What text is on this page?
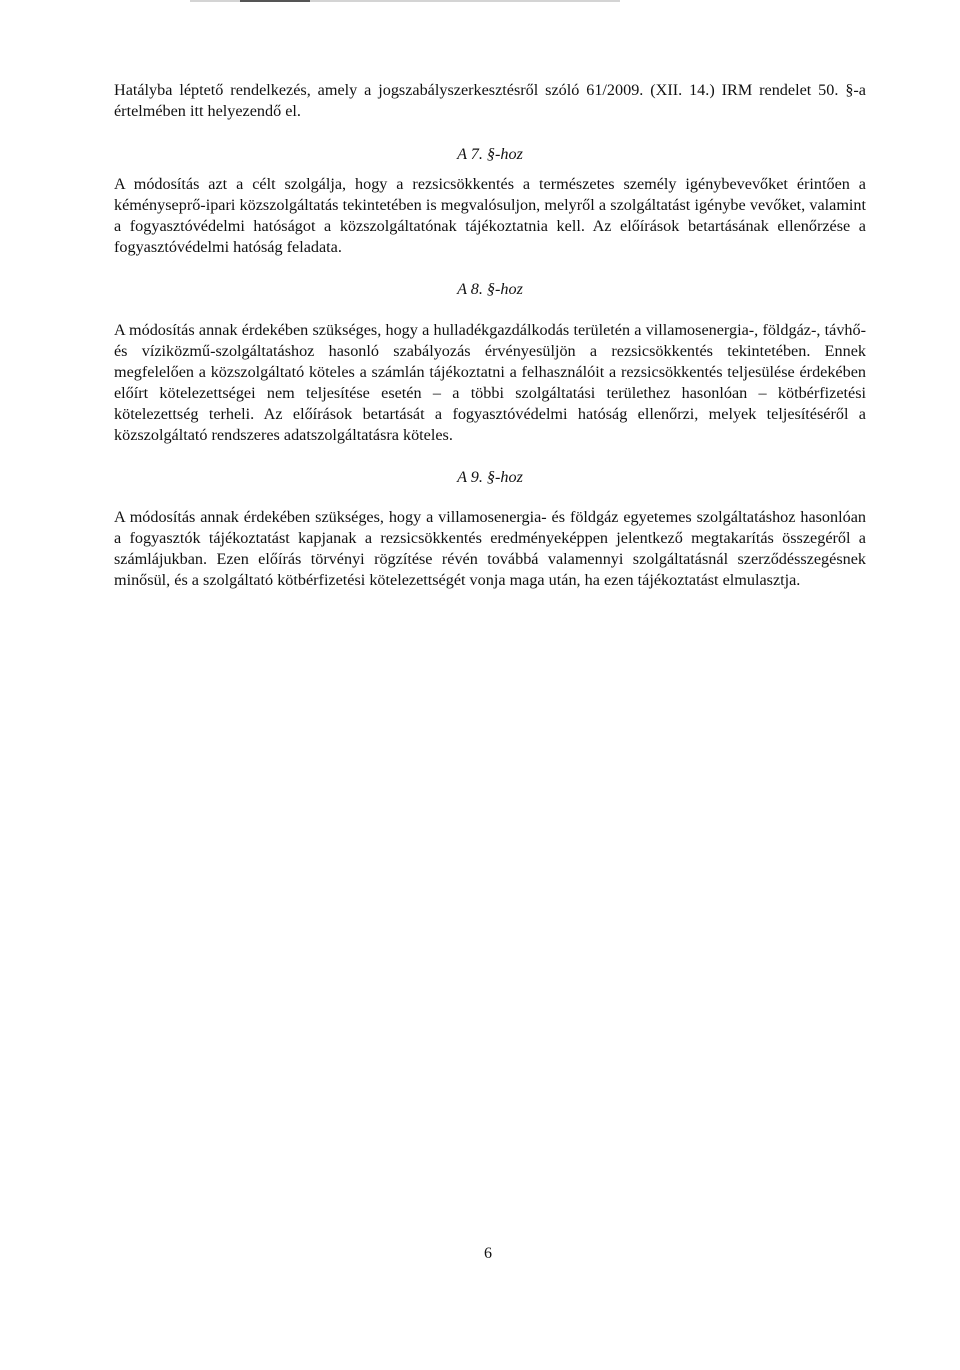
Hatályba léptető rendelkezés, amely a jogszabályszerkesztésről szóló 61/2009. (XII. 14.) IRM rendelet 50. §-a értelmében itt helyezendő el.

A 7. §-hoz

A módosítás azt a célt szolgálja, hogy a rezsicsökkentés a természetes személy igénybevevőket érintően a kéményseprő-ipari közszolgáltatás tekintetében is megvalósuljon, melyről a szolgáltatást igénybe vevőket, valamint a fogyasztóvédelmi hatóságot a közszolgáltatónak tájékoztatnia kell. Az előírások betartásának ellenőrzése a fogyasztóvédelmi hatóság feladata.

A 8. §-hoz

A módosítás annak érdekében szükséges, hogy a hulladékgazdálkodás területén a villamosenergia-, földgáz-, távhő- és víziközmű-szolgáltatáshoz hasonló szabályozás érvényesüljön a rezsicsökkentés tekintetében. Ennek megfelelően a közszolgáltató köteles a számlán tájékoztatni a felhasználóit a rezsicsökkentés teljesülése érdekében előírt kötelezettségei nem teljesítése esetén – a többi szolgáltatási területhez hasonlóan – kötbérfizetési kötelezettség terheli. Az előírások betartását a fogyasztóvédelmi hatóság ellenőrzi, melyek teljesítéséről a közszolgáltató rendszeres adatszolgáltatásra köteles.

A 9. §-hoz

A módosítás annak érdekében szükséges, hogy a villamosenergia- és földgáz egyetemes szolgáltatáshoz hasonlóan a fogyasztók tájékoztatást kapjanak a rezsicsökkentés eredményeképpen jelentkező megtakarítás összegéről a számlájukban. Ezen előírás törvényi rögzítése révén továbbá valamennyi szolgáltatásnál szerződésszegésnek minősül, és a szolgáltató kötbérfizetési kötelezettségét vonja maga után, ha ezen tájékoztatást elmulasztja.

6
